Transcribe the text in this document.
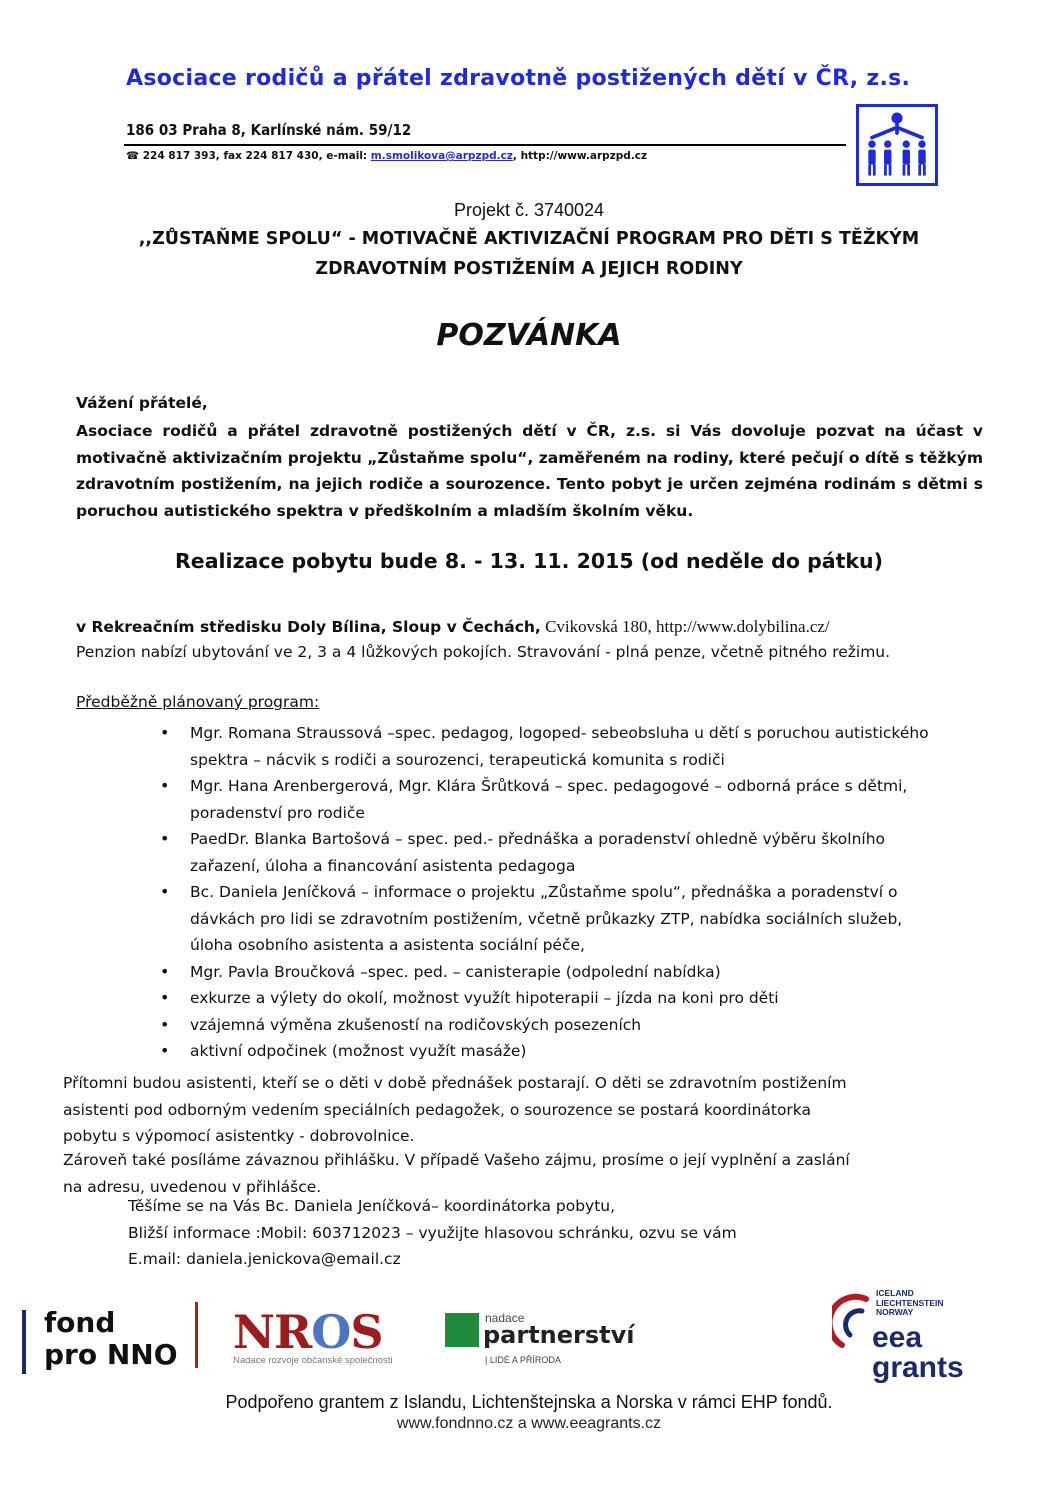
Asociace rodičů a přátel zdravotně postižených dětí v ČR, z.s.
186 03 Praha 8, Karlínské nám. 59/12
☎ 224 817 393, fax 224 817 430, e-mail: m.smolikova@arpzpd.cz, http://www.arpzpd.cz
Projekt č. 3740024
,,ZŮSTAŇME SPOLU“ - MOTIVAČNĚ AKTIVIZAČNÍ PROGRAM PRO DĚTI S TĚŽKÝM
ZDRAVOTNÍM POSTIŽENÍM A JEJICH RODINY
POZVÁNKA
Vážení přátelé,
Asociace rodičů a přátel zdravotně postižených dětí v ČR, z.s. si Vás dovoluje pozvat na účast v motivačně aktivizačním projektu „Zůstaňme spolu“, zaměřeném na rodiny, které pečují o dítě s těžkým zdravotním postižením, na jejich rodiče a sourozence. Tento pobyt je určen zejména rodinám s dětmi s poruchou autistického spektra v předškolním a mladším školním věku.
Realizace pobytu bude 8. - 13. 11. 2015 (od neděle do pátku)
v Rekreačním středisku Doly Bílina, Sloup v Čechách, Cvikovská 180, http://www.dolybilina.cz/
Penzion nabízí ubytování ve 2, 3 a 4 lůžkových pokojích. Stravování - plná penze, včetně pitného režimu.
Předběžně plánovaný program:
• Mgr. Romana Straussová –spec. pedagog, logoped- sebeobsluha u dětí s poruchou autistického spektra – nácvik s rodiči a sourozenci, terapeutická komunita s rodiči
• Mgr. Hana Arenbergerová, Mgr. Klára Šrůtková – spec. pedagogové – odborná práce s dětmi, poradenství pro rodiče
• PaedDr. Blanka Bartošová – spec. ped.- přednáška a poradenství ohledně výběru školního zařazení, úloha a financování asistenta pedagoga
• Bc. Daniela Jeníčková – informace o projektu „Zůstaňme spolu“, přednáška a poradenství o dávkách pro lidi se zdravotním postižením, včetně průkazky ZTP, nabídka sociálních služeb, úloha osobního asistenta a asistenta sociální péče,
• Mgr. Pavla Broučková –spec. ped. – canisterapie (odpolední nabídka)
• exkurze a výlety do okolí, možnost využít hipoterapii – jízda na koni pro děti
• vzájemná výměna zkušeností na rodičovských posezeních
• aktivní odpočinek (možnost využít masáže)
Přítomni budou asistenti, kteří se o děti v době přednášek postarají. O děti se zdravotním postižením
asistenti pod odborným vedením speciálních pedagožek, o sourozence se postará koordinátorka
pobytu s výpomocí asistentky - dobrovolnice.
Zároveň také posíláme závaznou přihlášku. V případě Vašeho zájmu, prosíme o její vyplnění a zaslání
na adresu, uvedenou v přihlášce.
Těšíme se na Vás Bc. Daniela Jeníčková– koordinátorka pobytu,
Bližší informace :Mobil: 603712023 – využijte hlasovou schránku, ozvu se vám
E.mail: daniela.jenickova@email.cz
fond
pro NNO NROS
Nadace rozvoje občanské společnosti
nadace
partnerství
| LIDÉ A PŘÍRODA
ICELAND
LIECHTENSTEIN
NORWAY
eea
grants
Podpořeno grantem z Islandu, Lichtenštejnska a Norska v rámci EHP fondů.
www.fondnno.cz a www.eeagrants.cz
